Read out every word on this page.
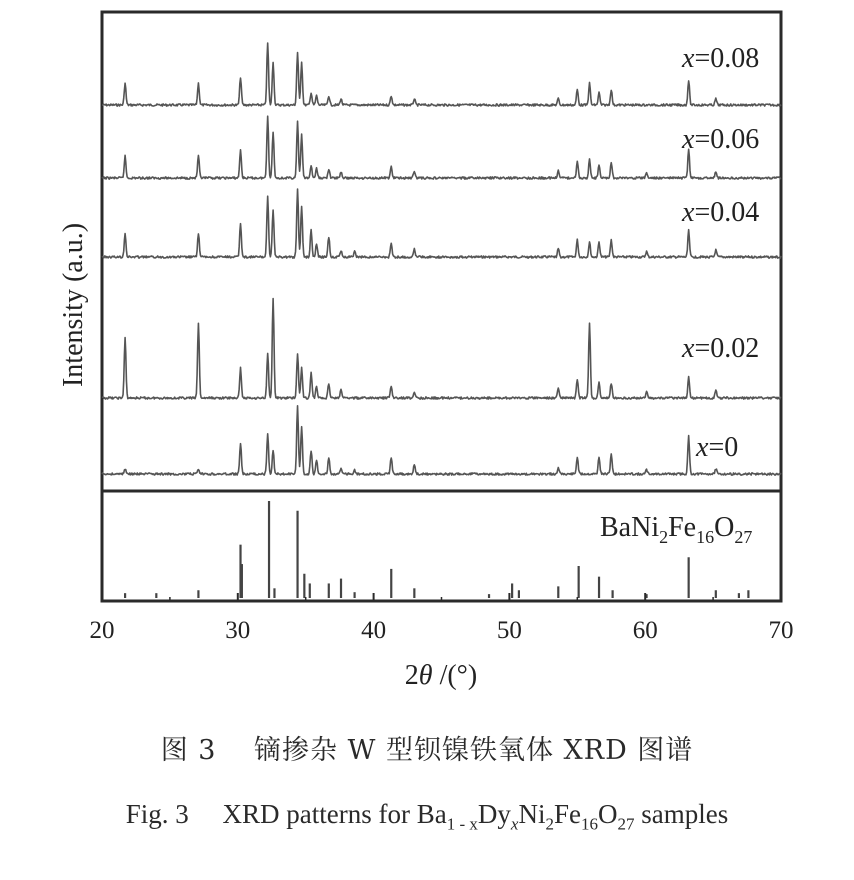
20	30	40	50	60	70
x=0.08
x=0.06
x=0.04
x=0.02
x=0
$BaNi_2Fe_{16}O_{27}$
Intensity (a.u.)
2θ /(°)
图 3　 镝掺杂 W 型钡镍铁氧体 XRD 图谱
Fig. 3　 XRD patterns for $Ba_{1 - x}Dy_xNi_2Fe_{16}O_{27}$ samples
